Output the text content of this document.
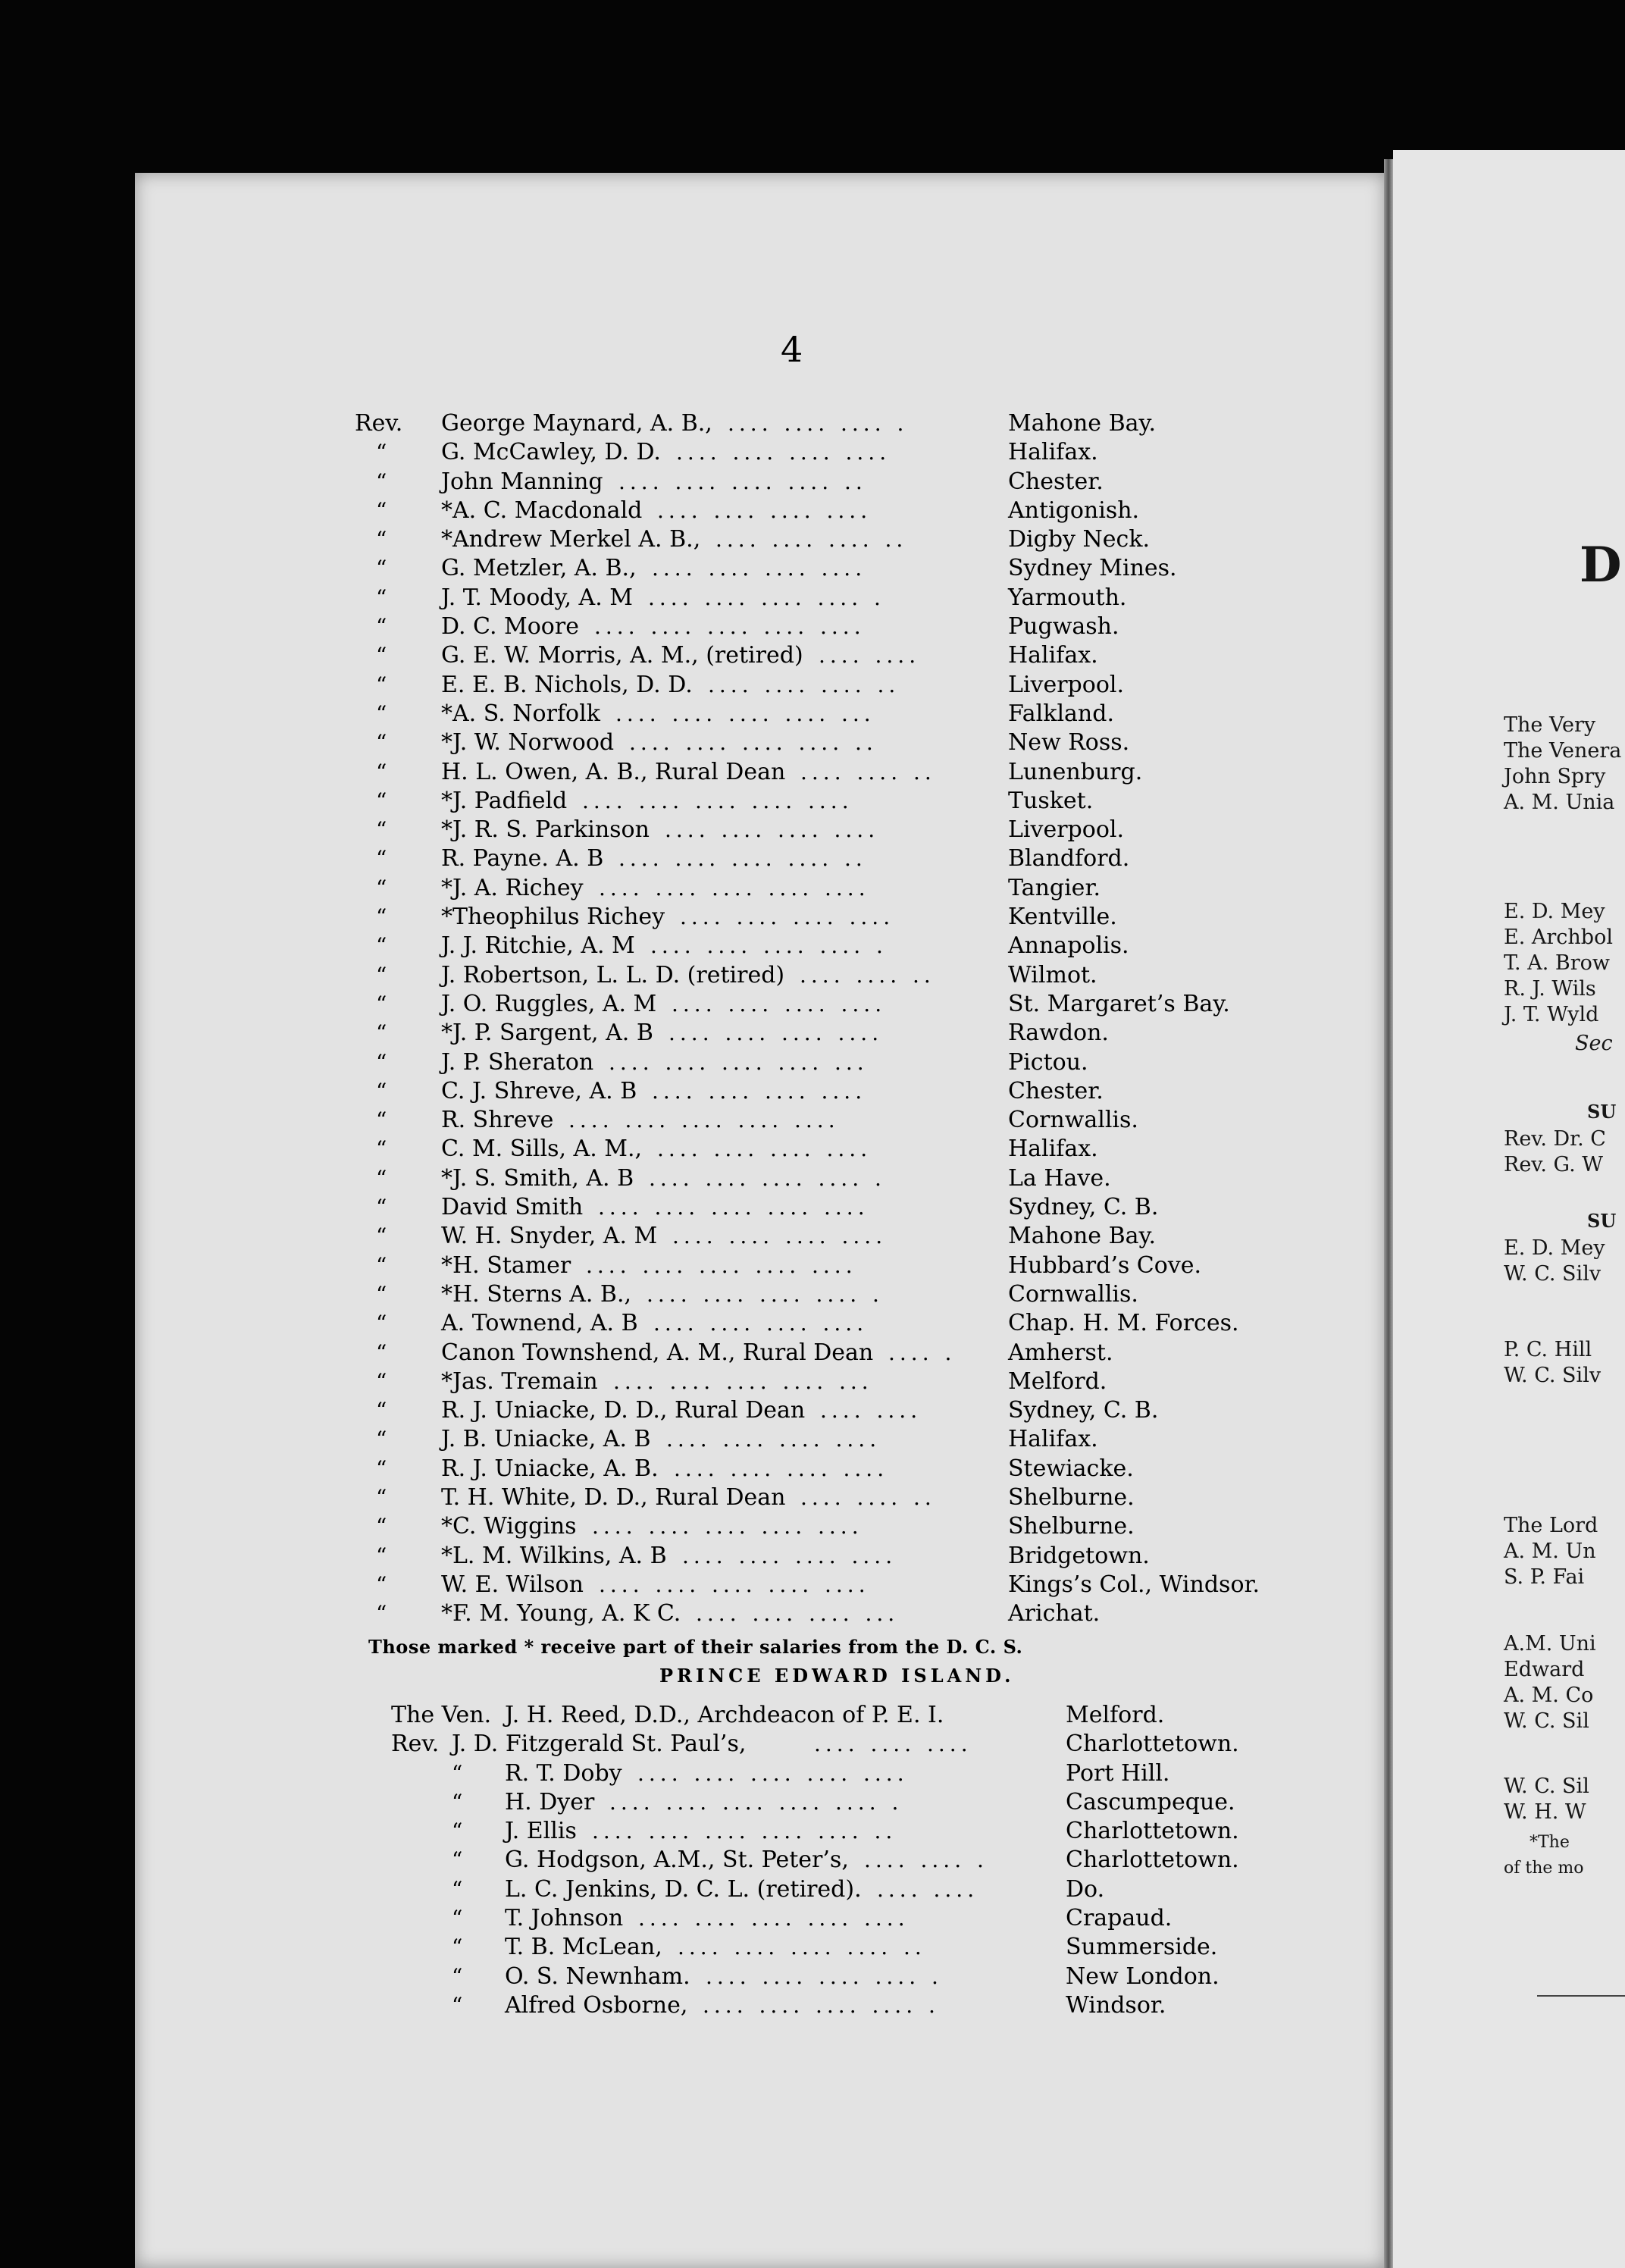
D
The Very
The Venera
John Spry
A. M. Unia
E. D. Mey
E. Archbol
T. A. Brow
R. J. Wils
J. T. Wyld
Sec
SU
Rev. Dr. C
Rev. G. W
SU
E. D. Mey
W. C. Silv
P. C. Hill
W. C. Silv
The Lord
A. M. Un
S. P. Fai
A.M. Uni
Edward
A. M. Co
W. C. Sil
W. C. Sil
W. H. W
*The
of the mo
4
Rev. George Maynard, A. B., .... .... .... .	Mahone Bay.
“ G. McCawley, D. D. .... .... .... ....	Halifax.
“ John Manning .... .... .... .... ..	Chester.
“ *A. C. Macdonald .... .... .... ....	Antigonish.
“ *Andrew Merkel A. B., .... .... .... ..	Digby Neck.
“ G. Metzler, A. B., .... .... .... ....	Sydney Mines.
“ J. T. Moody, A. M .... .... .... .... .	Yarmouth.
“ D. C. Moore .... .... .... .... ....	Pugwash.
“ G. E. W. Morris, A. M., (retired) .... ....	Halifax.
“ E. E. B. Nichols, D. D. .... .... .... ..	Liverpool.
“ *A. S. Norfolk .... .... .... .... ...	Falkland.
“ *J. W. Norwood .... .... .... .... ..	New Ross.
“ H. L. Owen, A. B., Rural Dean .... .... ..	Lunenburg.
“ *J. Padfield .... .... .... .... ....	Tusket.
“ *J. R. S. Parkinson .... .... .... ....	Liverpool.
“ R. Payne. A. B .... .... .... .... ..	Blandford.
“ *J. A. Richey .... .... .... .... ....	Tangier.
“ *Theophilus Richey .... .... .... ....	Kentville.
“ J. J. Ritchie, A. M .... .... .... .... .	Annapolis.
“ J. Robertson, L. L. D. (retired) .... .... ..	Wilmot.
“ J. O. Ruggles, A. M .... .... .... ....	St. Margaret’s Bay.
“ *J. P. Sargent, A. B .... .... .... ....	Rawdon.
“ J. P. Sheraton .... .... .... .... ...	Pictou.
“ C. J. Shreve, A. B .... .... .... ....	Chester.
“ R. Shreve .... .... .... .... ....	Cornwallis.
“ C. M. Sills, A. M., .... .... .... ....	Halifax.
“ *J. S. Smith, A. B .... .... .... .... .	La Have.
“ David Smith .... .... .... .... ....	Sydney, C. B.
“ W. H. Snyder, A. M .... .... .... ....	Mahone Bay.
“ *H. Stamer .... .... .... .... ....	Hubbard’s Cove.
“ *H. Sterns A. B., .... .... .... .... .	Cornwallis.
“ A. Townend, A. B .... .... .... ....	Chap. H. M. Forces.
“ Canon Townshend, A. M., Rural Dean .... . Amherst.
“ *Jas. Tremain .... .... .... .... ...	Melford.
“ R. J. Uniacke, D. D., Rural Dean .... ....	Sydney, C. B.
“ J. B. Uniacke, A. B .... .... .... ....	Halifax.
“ R. J. Uniacke, A. B. .... .... .... ....	Stewiacke.
“ T. H. White, D. D., Rural Dean .... .... ..	Shelburne.
“ *C. Wiggins .... .... .... .... ....	Shelburne.
“ *L. M. Wilkins, A. B .... .... .... ....	Bridgetown.
“ W. E. Wilson .... .... .... .... ....	Kings’s Col., Windsor.
“ *F. M. Young, A. K C. .... .... .... ...	Arichat.
Those marked * receive part of their salaries from the D. C. S.
PRINCE EDWARD ISLAND.
The Ven. J. H. Reed, D.D., Archdeacon of P. E. I.	Melford.
Rev. J. D. Fitzgerald St. Paul’s,	.... .... ....	Charlottetown.
“ R. T. Doby .... .... .... .... ....	Port Hill.
“ H. Dyer .... .... .... .... .... .	Cascumpeque.
“ J. Ellis .... .... .... .... .... ..	Charlottetown.
“ G. Hodgson, A.M., St. Peter’s, .... .... .	Charlottetown.
“ L. C. Jenkins, D. C. L. (retired). .... ....	Do.
“ T. Johnson .... .... .... .... ....	Crapaud.
“ T. B. McLean, .... .... .... .... ..	Summerside.
“ O. S. Newnham. .... .... .... .... .	New London.
“ Alfred Osborne, .... .... .... .... .	Windsor.
